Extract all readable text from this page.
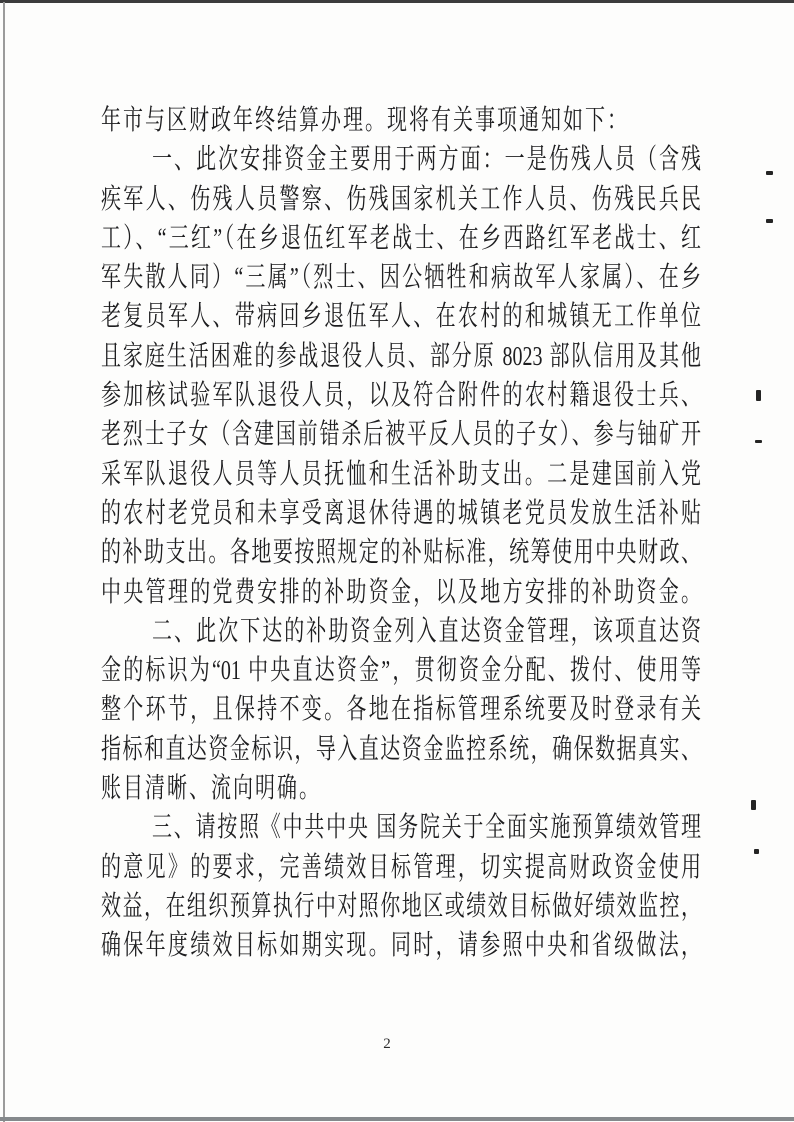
年市与区财政年终结算办理。现将有关事项通知如下：
一、此次安排资金主要用于两方面：一是伤残人员（含残
疾军人、伤残人员警察、伤残国家机关工作人员、伤残民兵民
工）、“三红”（在乡退伍红军老战士、在乡西路红军老战士、红
军失散人同）“三属”（烈士、因公牺牲和病故军人家属）、在乡
老复员军人、带病回乡退伍军人、在农村的和城镇无工作单位
且家庭生活困难的参战退役人员、部分原 8023 部队信用及其他
参加核试验军队退役人员，以及符合附件的农村籍退役士兵、
老烈士子女（含建国前错杀后被平反人员的子女）、参与铀矿开
采军队退役人员等人员抚恤和生活补助支出。二是建国前入党
的农村老党员和未享受离退休待遇的城镇老党员发放生活补贴
的补助支出。各地要按照规定的补贴标准，统筹使用中央财政、
中央管理的党费安排的补助资金，以及地方安排的补助资金。
二、此次下达的补助资金列入直达资金管理，该项直达资
金的标识为“01 中央直达资金”，贯彻资金分配、拨付、使用等
整个环节，且保持不变。各地在指标管理系统要及时登录有关
指标和直达资金标识，导入直达资金监控系统，确保数据真实、
账目清晰、流向明确。
三、请按照《中共中央 国务院关于全面实施预算绩效管理
的意见》的要求，完善绩效目标管理，切实提高财政资金使用
效益，在组织预算执行中对照你地区或绩效目标做好绩效监控，
确保年度绩效目标如期实现。同时，请参照中央和省级做法，
2
